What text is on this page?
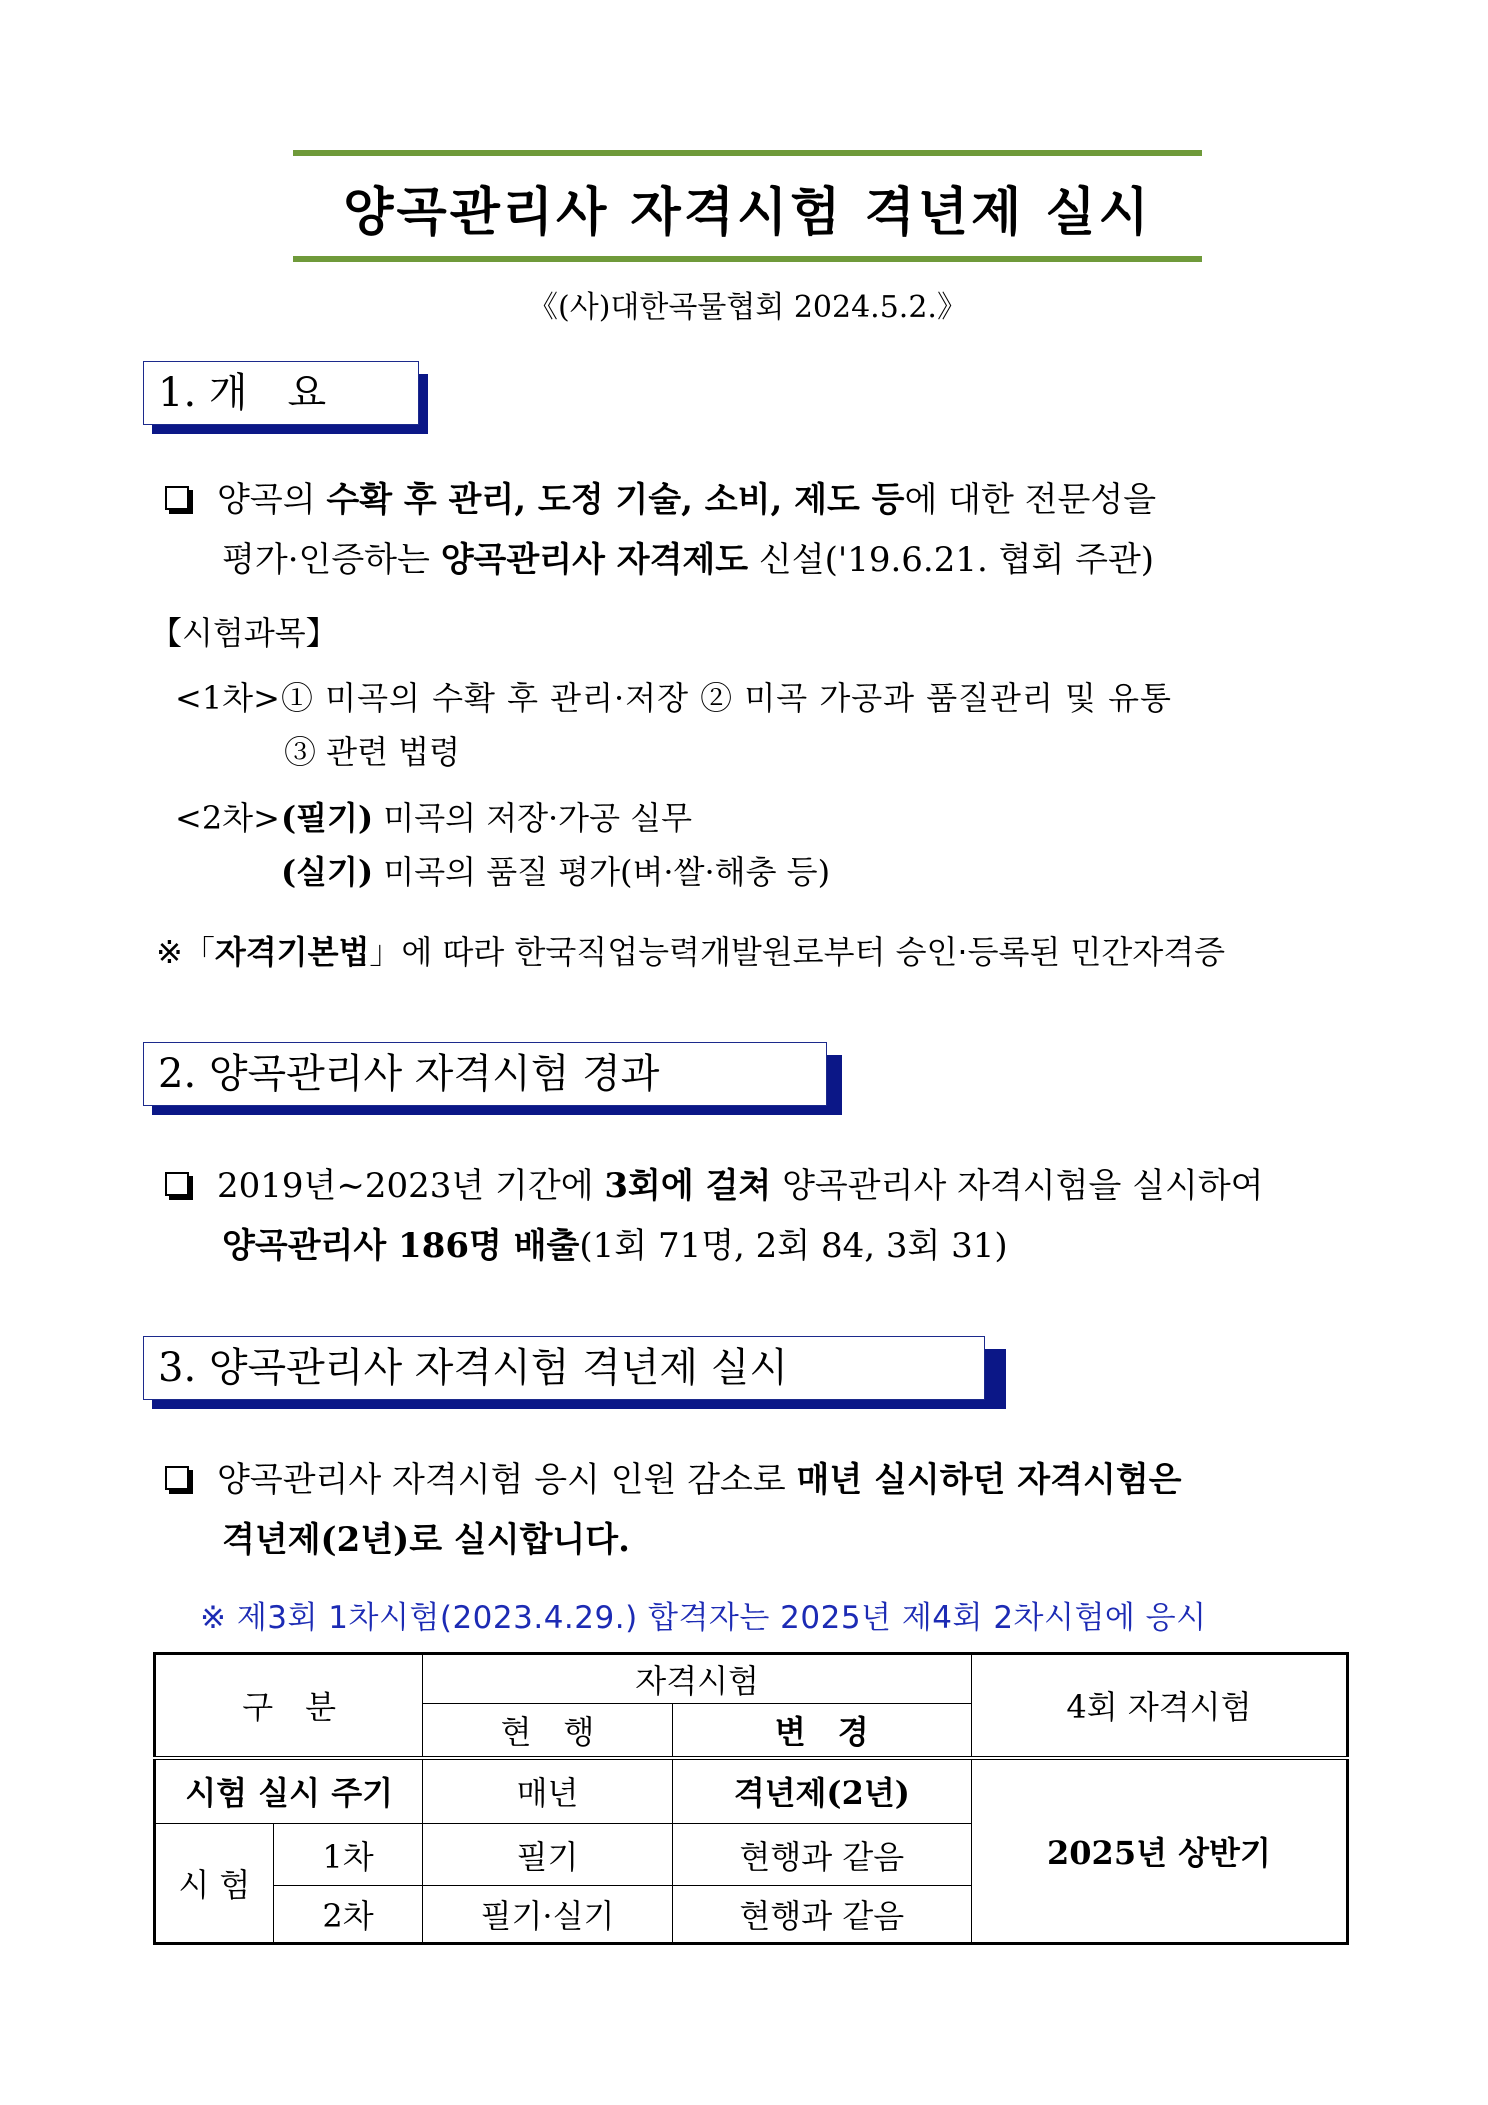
양곡관리사 자격시험 격년제 실시
《(사)대한곡물협회 2024.5.2.》
1. 개　요
양곡의 수확 후 관리, 도정 기술, 소비, 제도 등에 대한 전문성을
평가·인증하는 양곡관리사 자격제도 신설('19.6.21. 협회 주관)
【시험과목】
<1차> ① 미곡의 수확 후 관리·저장 ② 미곡 가공과 품질관리 및 유통
③ 관련 법령
<2차> (필기) 미곡의 저장·가공 실무
(실기) 미곡의 품질 평가(벼·쌀·해충 등)
※「자격기본법」에 따라 한국직업능력개발원로부터 승인·등록된 민간자격증
2. 양곡관리사 자격시험 경과
2019년∼2023년 기간에 3회에 걸쳐 양곡관리사 자격시험을 실시하여
양곡관리사 186명 배출(1회 71명, 2회 84, 3회 31)
3. 양곡관리사 자격시험 격년제 실시
양곡관리사 자격시험 응시 인원 감소로 매년 실시하던 자격시험은
격년제(2년)로 실시합니다.
※ 제3회 1차시험(2023.4.29.) 합격자는 2025년 제4회 2차시험에 응시
구　분		자격시험		4회 자격시험
		현　행	변　경	
시험 실시 주기		매년	격년제(2년)	2025년 상반기
시 험	1차	필기	현행과 같음	
	2차	필기·실기	현행과 같음	
